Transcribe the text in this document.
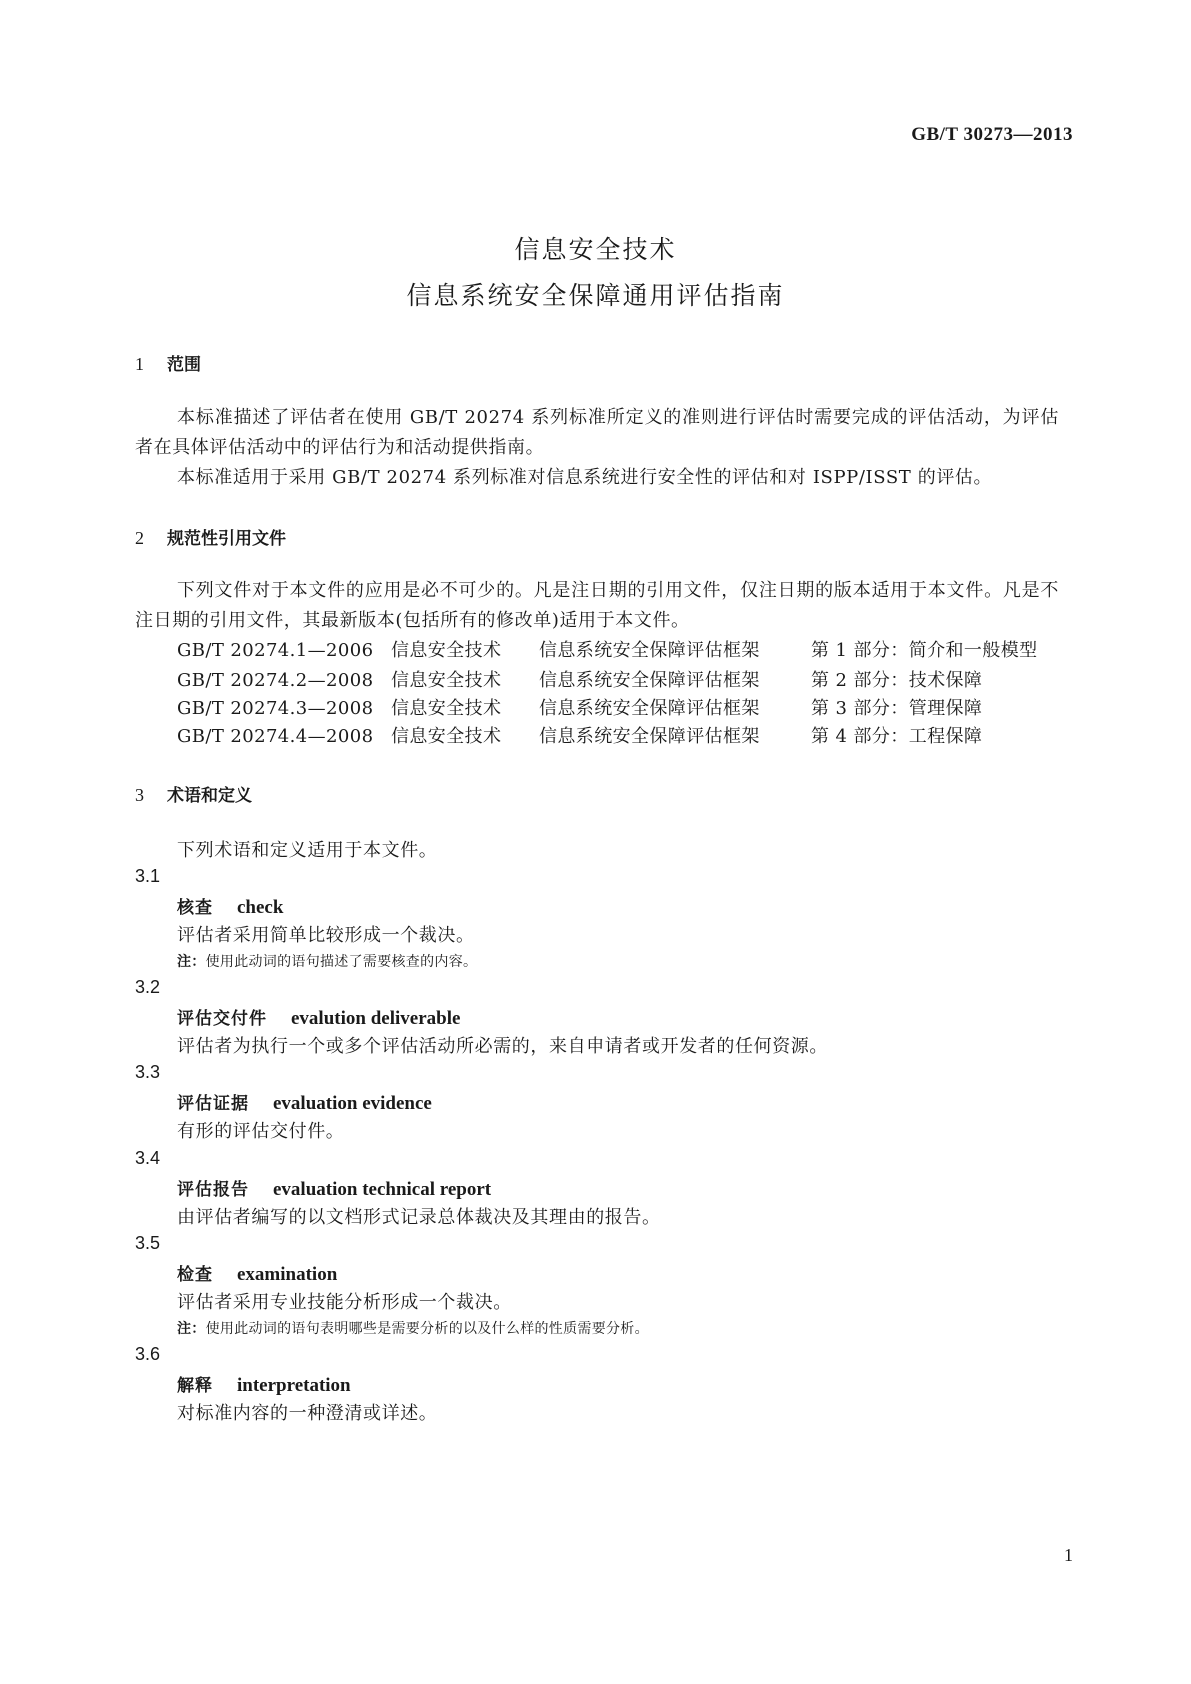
GB/T 30273—2013
信息安全技术
信息系统安全保障通用评估指南
1 范围
本标准描述了评估者在使用 GB/T 20274 系列标准所定义的准则进行评估时需要完成的评估活动，为评估者在具体评估活动中的评估行为和活动提供指南。
本标准适用于采用 GB/T 20274 系列标准对信息系统进行安全性的评估和对 ISPP/ISST 的评估。
2 规范性引用文件
下列文件对于本文件的应用是必不可少的。凡是注日期的引用文件，仅注日期的版本适用于本文件。凡是不注日期的引用文件，其最新版本(包括所有的修改单)适用于本文件。
GB/T 20274.1—2006 信息安全技术 信息系统安全保障评估框架	第 1 部分：简介和一般模型
GB/T 20274.2—2008 信息安全技术 信息系统安全保障评估框架	第 2 部分：技术保障
GB/T 20274.3—2008 信息安全技术 信息系统安全保障评估框架	第 3 部分：管理保障
GB/T 20274.4—2008 信息安全技术 信息系统安全保障评估框架	第 4 部分：工程保障
3 术语和定义
下列术语和定义适用于本文件。
3.1
核查 check
评估者采用简单比较形成一个裁决。
注：使用此动词的语句描述了需要核查的内容。
3.2
评估交付件 evalution deliverable
评估者为执行一个或多个评估活动所必需的，来自申请者或开发者的任何资源。
3.3
评估证据 evaluation evidence
有形的评估交付件。
3.4
评估报告 evaluation technical report
由评估者编写的以文档形式记录总体裁决及其理由的报告。
3.5
检查 examination
评估者采用专业技能分析形成一个裁决。
注：使用此动词的语句表明哪些是需要分析的以及什么样的性质需要分析。
3.6
解释 interpretation
对标准内容的一种澄清或详述。
1
